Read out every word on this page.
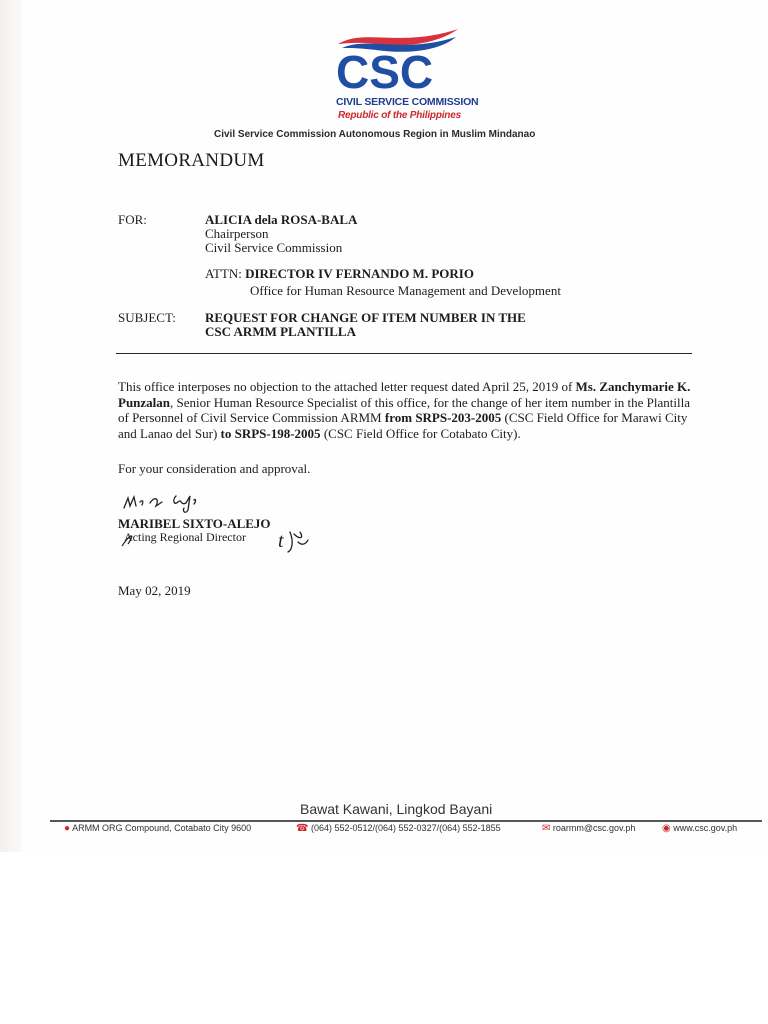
CSC
CIVIL SERVICE COMMISSION
Republic of the Philippines
Civil Service Commission Autonomous Region in Muslim Mindanao
MEMORANDUM
FOR:	ALICIA dela ROSA-BALA
Chairperson
Civil Service Commission
ATTN: DIRECTOR IV FERNANDO M. PORIO
Office for Human Resource Management and Development
SUBJECT: REQUEST FOR CHANGE OF ITEM NUMBER IN THE
CSC ARMM PLANTILLA
This office interposes no objection to the attached letter request dated April 25, 2019 of Ms. Zanchymarie K. Punzalan, Senior Human Resource Specialist of this office, for the change of her item number in the Plantilla of Personnel of Civil Service Commission ARMM from SRPS-203-2005 (CSC Field Office for Marawi City and Lanao del Sur) to SRPS-198-2005 (CSC Field Office for Cotabato City).
For your consideration and approval.
MARIBEL SIXTO-ALEJO
Acting Regional Director t
May 02, 2019
Bawat Kawani, Lingkod Bayani
● ARMM ORG Compound, Cotabato City 9600	☎ (064) 552-0512/(064) 552-0327/(064) 552-1855	✉ roarmm@csc.gov.ph	◉ www.csc.gov.ph
